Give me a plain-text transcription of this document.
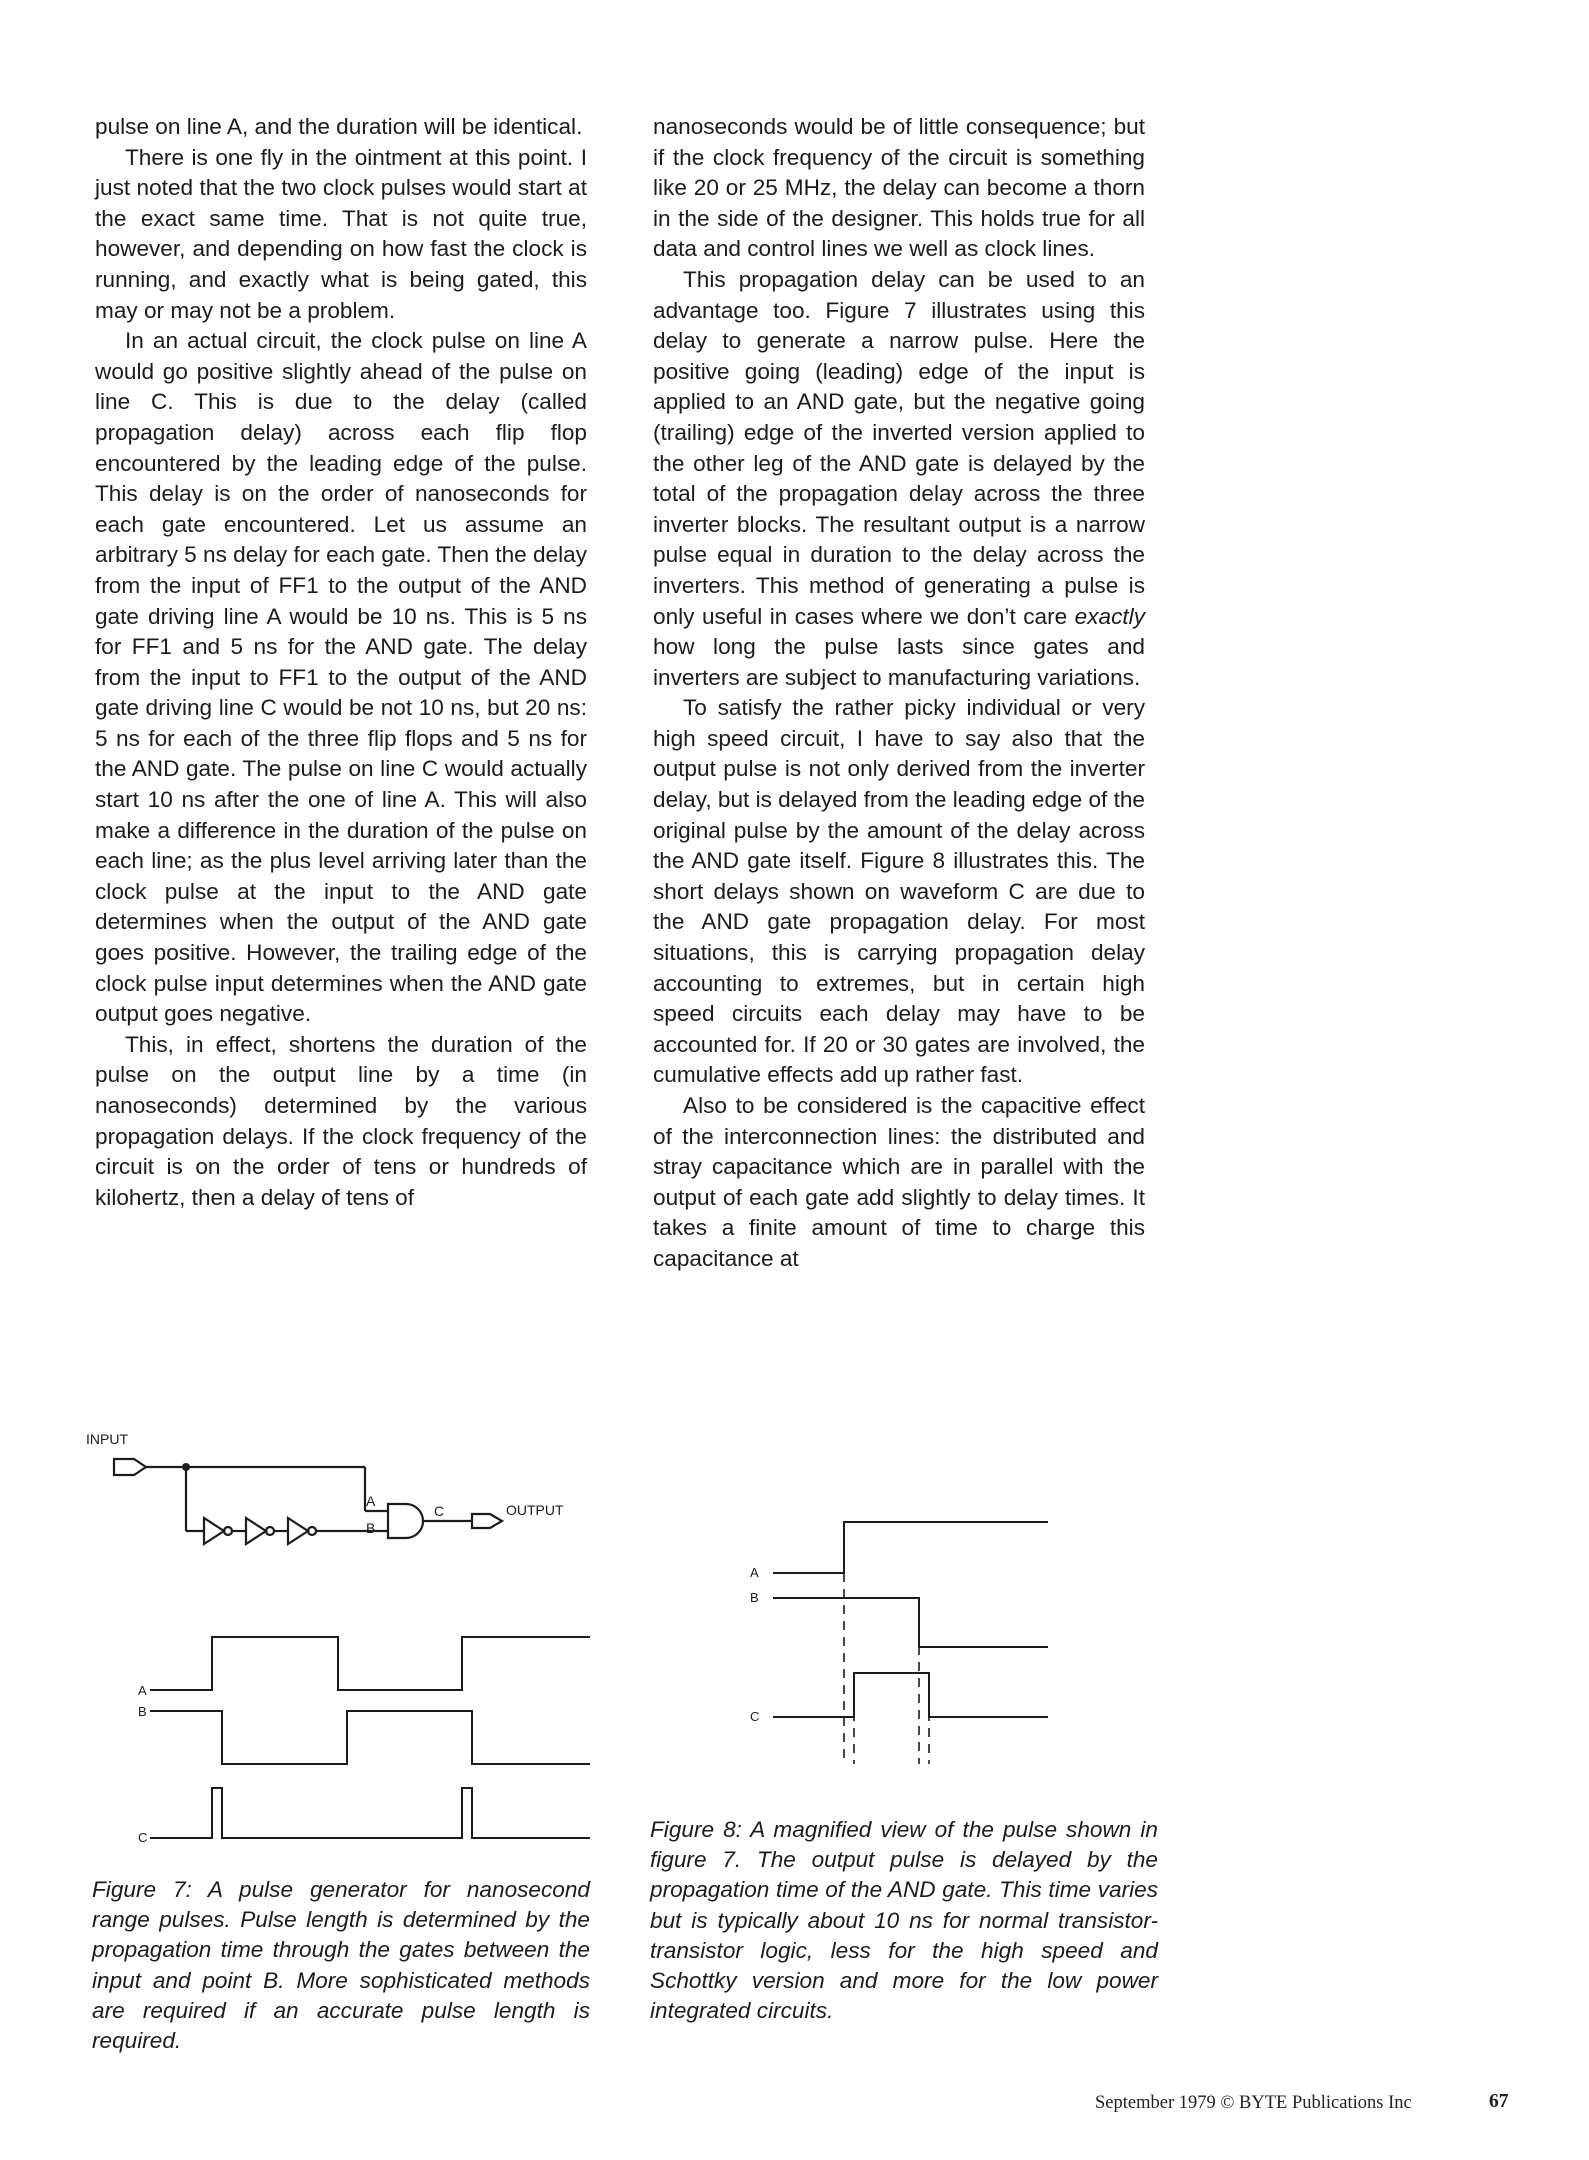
pulse on line A, and the duration will be identical.

There is one fly in the ointment at this point. I just noted that the two clock pulses would start at the exact same time. That is not quite true, however, and depending on how fast the clock is running, and exactly what is being gated, this may or may not be a problem.

In an actual circuit, the clock pulse on line A would go positive slightly ahead of the pulse on line C. This is due to the delay (called propagation delay) across each flip flop encountered by the leading edge of the pulse. This delay is on the order of nanoseconds for each gate encountered. Let us assume an arbitrary 5 ns delay for each gate. Then the delay from the input of FF1 to the output of the AND gate driving line A would be 10 ns. This is 5 ns for FF1 and 5 ns for the AND gate. The delay from the input to FF1 to the output of the AND gate driving line C would be not 10 ns, but 20 ns: 5 ns for each of the three flip flops and 5 ns for the AND gate. The pulse on line C would actually start 10 ns after the one of line A. This will also make a difference in the duration of the pulse on each line; as the plus level arriving later than the clock pulse at the input to the AND gate determines when the output of the AND gate goes positive. However, the trailing edge of the clock pulse input determines when the AND gate output goes negative.

This, in effect, shortens the duration of the pulse on the output line by a time (in nanoseconds) determined by the various propagation delays. If the clock frequency of the circuit is on the order of tens or hundreds of kilohertz, then a delay of tens of

nanoseconds would be of little consequence; but if the clock frequency of the circuit is something like 20 or 25 MHz, the delay can become a thorn in the side of the designer. This holds true for all data and control lines we well as clock lines.

This propagation delay can be used to an advantage too. Figure 7 illustrates using this delay to generate a narrow pulse. Here the positive going (leading) edge of the input is applied to an AND gate, but the negative going (trailing) edge of the inverted version applied to the other leg of the AND gate is delayed by the total of the propagation delay across the three inverter blocks. The resultant output is a narrow pulse equal in duration to the delay across the inverters. This method of generating a pulse is only useful in cases where we don’t care exactly how long the pulse lasts since gates and inverters are subject to manufacturing variations.

To satisfy the rather picky individual or very high speed circuit, I have to say also that the output pulse is not only derived from the inverter delay, but is delayed from the leading edge of the original pulse by the amount of the delay across the AND gate itself. Figure 8 illustrates this. The short delays shown on waveform C are due to the AND gate propagation delay. For most situations, this is carrying propagation delay accounting to extremes, but in certain high speed circuits each delay may have to be accounted for. If 20 or 30 gates are involved, the cumulative effects add up rather fast.

Also to be considered is the capacitive effect of the interconnection lines: the distributed and stray capacitance which are in parallel with the output of each gate add slightly to delay times. It takes a finite amount of time to charge this capacitance at

INPUT
A
B
C	OUTPUT
A
B
C
A
B
C
Figure 7: A pulse generator for nanosecond range pulses. Pulse length is determined by the propagation time through the gates between the input and point B. More sophisticated methods are required if an accurate pulse length is required.
Figure 8: A magnified view of the pulse shown in figure 7. The output pulse is delayed by the propagation time of the AND gate. This time varies but is typically about 10 ns for normal transistor-transistor logic, less for the high speed and Schottky version and more for the low power integrated circuits.
September 1979 © BYTE Publications Inc	67
